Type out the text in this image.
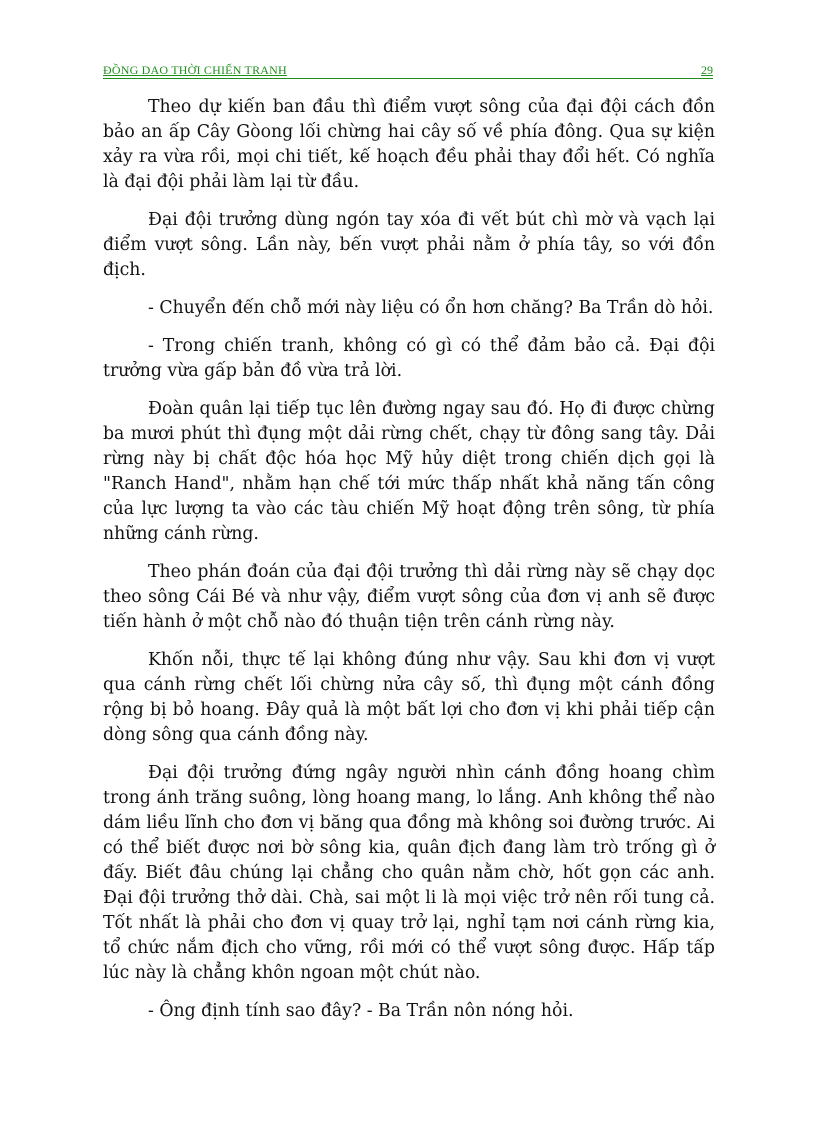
ĐỒNG DAO THỜI CHIẾN TRANH	29

Theo dự kiến ban đầu thì điểm vượt sông của đại đội cách đồn bảo an ấp Cây Gòong lối chừng hai cây số về phía đông. Qua sự kiện xảy ra vừa rồi, mọi chi tiết, kế hoạch đều phải thay đổi hết. Có nghĩa là đại đội phải làm lại từ đầu.

Đại đội trưởng dùng ngón tay xóa đi vết bút chì mờ và vạch lại điểm vượt sông. Lần này, bến vượt phải nằm ở phía tây, so với đồn địch.

- Chuyển đến chỗ mới này liệu có ổn hơn chăng? Ba Trần dò hỏi.

- Trong chiến tranh, không có gì có thể đảm bảo cả. Đại đội trưởng vừa gấp bản đồ vừa trả lời.

Đoàn quân lại tiếp tục lên đường ngay sau đó. Họ đi được chừng ba mươi phút thì đụng một dải rừng chết, chạy từ đông sang tây. Dải rừng này bị chất độc hóa học Mỹ hủy diệt trong chiến dịch gọi là "Ranch Hand", nhằm hạn chế tới mức thấp nhất khả năng tấn công của lực lượng ta vào các tàu chiến Mỹ hoạt động trên sông, từ phía những cánh rừng.

Theo phán đoán của đại đội trưởng thì dải rừng này sẽ chạy dọc theo sông Cái Bé và như vậy, điểm vượt sông của đơn vị anh sẽ được tiến hành ở một chỗ nào đó thuận tiện trên cánh rừng này.

Khốn nỗi, thực tế lại không đúng như vậy. Sau khi đơn vị vượt qua cánh rừng chết lối chừng nửa cây số, thì đụng một cánh đồng rộng bị bỏ hoang. Đây quả là một bất lợi cho đơn vị khi phải tiếp cận dòng sông qua cánh đồng này.

Đại đội trưởng đứng ngây người nhìn cánh đồng hoang chìm trong ánh trăng suông, lòng hoang mang, lo lắng. Anh không thể nào dám liều lĩnh cho đơn vị băng qua đồng mà không soi đường trước. Ai có thể biết được nơi bờ sông kia, quân địch đang làm trò trống gì ở đấy. Biết đâu chúng lại chẳng cho quân nằm chờ, hốt gọn các anh. Đại đội trưởng thở dài. Chà, sai một li là mọi việc trở nên rối tung cả. Tốt nhất là phải cho đơn vị quay trở lại, nghỉ tạm nơi cánh rừng kia, tổ chức nắm địch cho vững, rồi mới có thể vượt sông được. Hấp tấp lúc này là chẳng khôn ngoan một chút nào.

- Ông định tính sao đây? - Ba Trần nôn nóng hỏi.
